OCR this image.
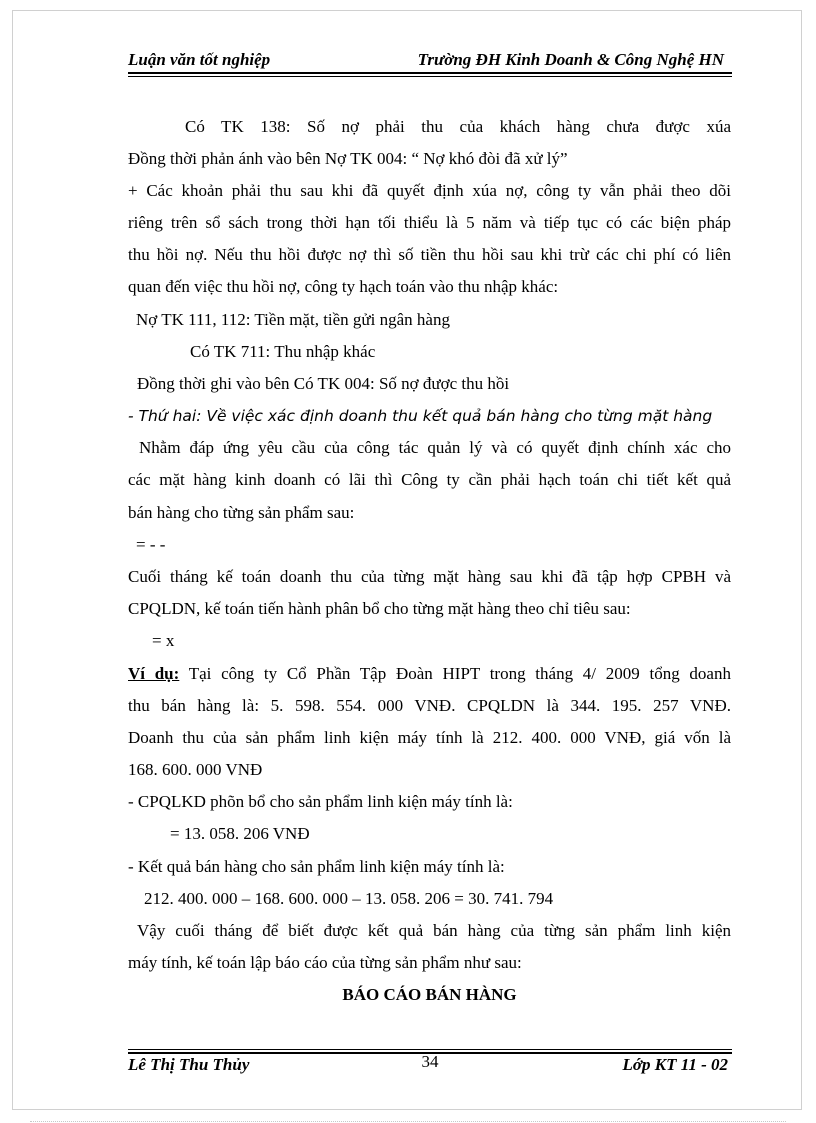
Luận văn tốt nghiệp	Trường ĐH Kinh Doanh & Công Nghệ HN
Có TK 138: Số nợ phải thu của khách hàng chưa được xúa
Đồng thời phản ánh vào bên Nợ TK 004: “ Nợ khó đòi đã xử lý”
+ Các khoản phải thu sau khi đã quyết định xúa nợ, công ty vẫn phải theo dõi
riêng trên sổ sách trong thời hạn tối thiểu là 5 năm và tiếp tục có các biện pháp
thu hồi nợ. Nếu thu hồi được nợ thì số tiền thu hồi sau khi trừ các chi phí có liên
quan đến việc thu hồi nợ, công ty hạch toán vào thu nhập khác:
Nợ TK 111, 112: Tiền mặt, tiền gửi ngân hàng
Có TK 711: Thu nhập khác
Đồng thời ghi vào bên Có TK 004: Số nợ được thu hồi
- Thứ hai: Về việc xác định doanh thu kết quả bán hàng cho từng mặt hàng
Nhằm đáp ứng yêu cầu của công tác quản lý và có quyết định chính xác cho
các mặt hàng kinh doanh có lãi thì Công ty cần phải hạch toán chi tiết kết quả
bán hàng cho từng sản phẩm sau:
= - -
Cuối tháng kế toán doanh thu của từng mặt hàng sau khi đã tập hợp CPBH và
CPQLDN, kế toán tiến hành phân bổ cho từng mặt hàng theo chỉ tiêu sau:
= x
Ví dụ: Tại công ty Cổ Phần Tập Đoàn HIPT trong tháng 4/ 2009 tổng doanh
thu bán hàng là: 5. 598. 554. 000 VNĐ. CPQLDN là 344. 195. 257 VNĐ.
Doanh thu của sản phẩm linh kiện máy tính là 212. 400. 000 VNĐ, giá vốn là
168. 600. 000 VNĐ
- CPQLKD phõn bổ cho sản phẩm linh kiện máy tính là:
= 13. 058. 206 VNĐ
- Kết quả bán hàng cho sản phẩm linh kiện máy tính là:
212. 400. 000 – 168. 600. 000 – 13. 058. 206 = 30. 741. 794
Vậy cuối tháng để biết được kết quả bán hàng của từng sản phẩm linh kiện
máy tính, kế toán lập báo cáo của từng sản phẩm như sau:
BÁO CÁO BÁN HÀNG
Lê Thị Thu Thủy	34	Lớp KT 11 - 02
